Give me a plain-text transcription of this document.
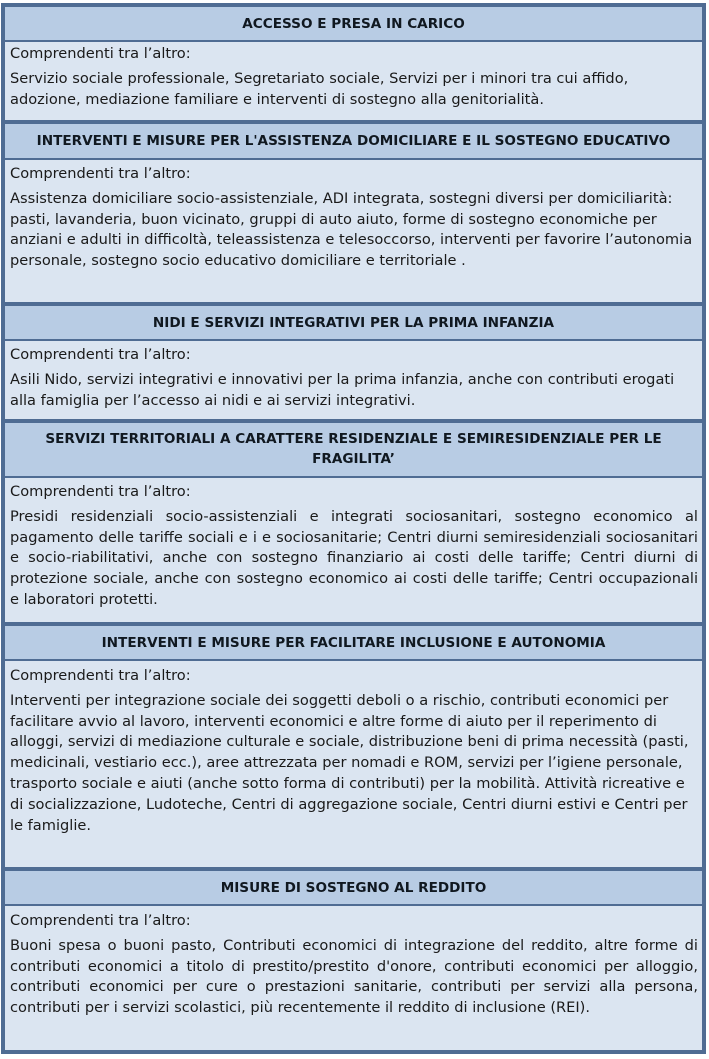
ACCESSO E PRESA IN CARICO
Comprendenti tra l’altro:
Servizio sociale professionale, Segretariato sociale, Servizi per i minori tra cui affido, adozione, mediazione familiare e interventi di sostegno alla genitorialità.
INTERVENTI E MISURE PER L'ASSISTENZA DOMICILIARE E IL SOSTEGNO EDUCATIVO
Comprendenti tra l’altro:
Assistenza domiciliare socio-assistenziale, ADI integrata, sostegni diversi per domiciliarità: pasti, lavanderia, buon vicinato, gruppi di auto aiuto, forme di sostegno economiche per anziani e adulti in difficoltà, teleassistenza e telesoccorso, interventi per favorire l’autonomia personale, sostegno socio educativo domiciliare e territoriale .
NIDI E SERVIZI INTEGRATIVI PER LA PRIMA INFANZIA
Comprendenti tra l’altro:
Asili Nido, servizi integrativi e innovativi per la prima infanzia, anche con contributi erogati alla famiglia per l’accesso ai nidi e ai servizi integrativi.
SERVIZI TERRITORIALI A CARATTERE RESIDENZIALE E SEMIRESIDENZIALE PER LE FRAGILITA’
Comprendenti tra l’altro:
Presidi residenziali socio-assistenziali e integrati sociosanitari, sostegno economico al pagamento delle tariffe sociali e i e sociosanitarie; Centri diurni semiresidenziali sociosanitari e socio-riabilitativi, anche con sostegno finanziario ai costi delle tariffe; Centri diurni di protezione sociale, anche con sostegno economico ai costi delle tariffe; Centri occupazionali e laboratori protetti.
INTERVENTI E MISURE PER FACILITARE INCLUSIONE E AUTONOMIA
Comprendenti tra l’altro:
Interventi per integrazione sociale dei soggetti deboli o a rischio, contributi economici per facilitare avvio al lavoro, interventi economici e altre forme di aiuto per il reperimento di alloggi, servizi di mediazione culturale e sociale, distribuzione beni di prima necessità (pasti, medicinali, vestiario ecc.), aree attrezzata per nomadi e ROM, servizi per l’igiene personale, trasporto sociale e aiuti (anche sotto forma di contributi) per la mobilità. Attività ricreative e di socializzazione, Ludoteche, Centri di aggregazione sociale, Centri diurni estivi e Centri per le famiglie.
MISURE DI SOSTEGNO AL REDDITO
Comprendenti tra l’altro:
Buoni spesa o buoni pasto, Contributi economici di integrazione del reddito, altre forme di contributi economici a titolo di prestito/prestito d'onore, contributi economici per alloggio, contributi economici per cure o prestazioni sanitarie, contributi per servizi alla persona, contributi per i servizi scolastici, più recentemente il reddito di inclusione (REI).
